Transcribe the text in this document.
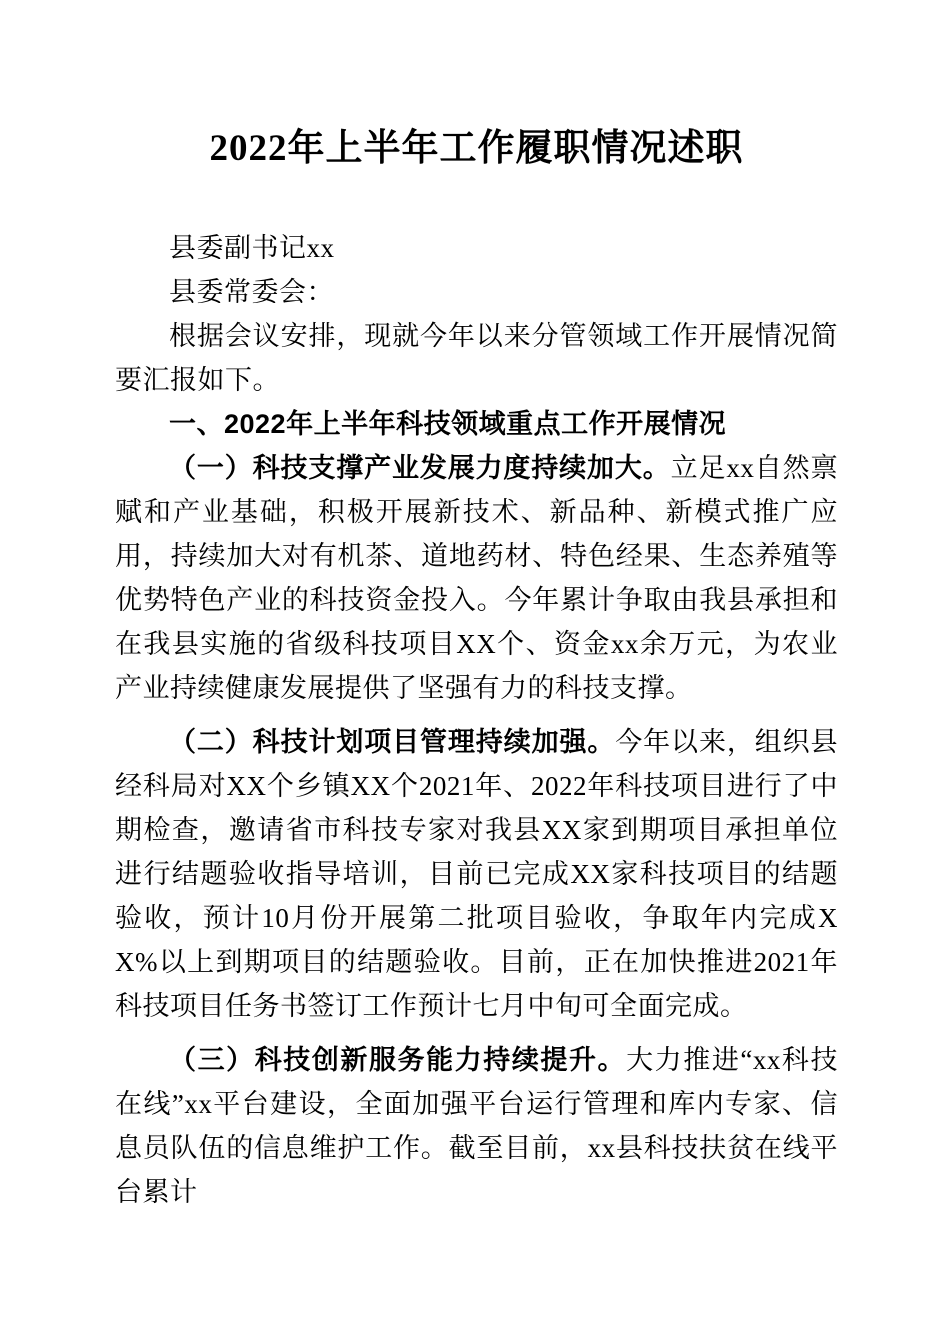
2022年上半年工作履职情况述职

县委副书记xx

县委常委会：

根据会议安排，现就今年以来分管领域工作开展情况简要汇报如下。

一、2022年上半年科技领域重点工作开展情况

（一）科技支撑产业发展力度持续加大。立足xx自然禀赋和产业基础，积极开展新技术、新品种、新模式推广应用，持续加大对有机茶、道地药材、特色经果、生态养殖等优势特色产业的科技资金投入。今年累计争取由我县承担和在我县实施的省级科技项目XX个、资金xx余万元，为农业产业持续健康发展提供了坚强有力的科技支撑。

（二）科技计划项目管理持续加强。今年以来，组织县经科局对XX个乡镇XX个2021年、2022年科技项目进行了中期检查，邀请省市科技专家对我县XX家到期项目承担单位进行结题验收指导培训，目前已完成XX家科技项目的结题验收，预计10月份开展第二批项目验收，争取年内完成XX%以上到期项目的结题验收。目前，正在加快推进2021年科技项目任务书签订工作预计七月中旬可全面完成。

（三）科技创新服务能力持续提升。大力推进“xx科技在线”xx平台建设，全面加强平台运行管理和库内专家、信息员队伍的信息维护工作。截至目前，xx县科技扶贫在线平台累计
